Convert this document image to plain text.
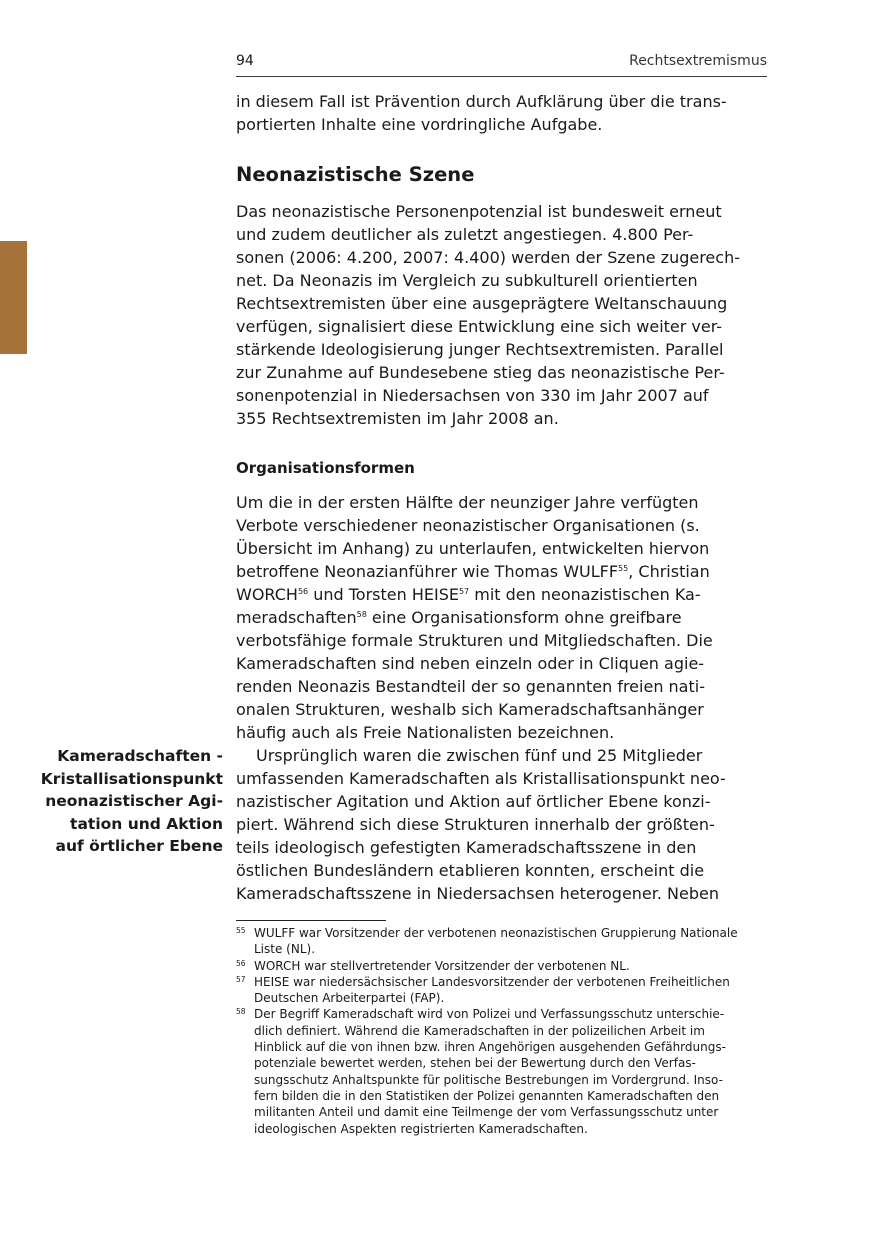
94	Rechtsextremismus

in diesem Fall ist Prävention durch Aufklärung über die trans-
portierten Inhalte eine vordringliche Aufgabe.

Neonazistische Szene

Das neonazistische Personenpotenzial ist bundesweit erneut
und zudem deutlicher als zuletzt angestiegen. 4.800 Per-
sonen (2006: 4.200, 2007: 4.400) werden der Szene zugerech-
net. Da Neonazis im Vergleich zu subkulturell orientierten
Rechtsextremisten über eine ausgeprägtere Weltanschauung
verfügen, signalisiert diese Entwicklung eine sich weiter ver-
stärkende Ideologisierung junger Rechtsextremisten. Parallel
zur Zunahme auf Bundesebene stieg das neonazistische Per-
sonenpotenzial in Niedersachsen von 330 im Jahr 2007 auf
355 Rechtsextremisten im Jahr 2008 an.

Organisationsformen

Um die in der ersten Hälfte der neunziger Jahre verfügten
Verbote verschiedener neonazistischer Organisationen (s.
Übersicht im Anhang) zu unterlaufen, entwickelten hiervon
betroffene Neonazianführer wie Thomas WULFF$^{55}$, Christian
WORCH$^{56}$ und Torsten HEISE$^{57}$ mit den neonazistischen Ka-
meradschaften$^{58}$ eine Organisationsform ohne greifbare
verbotsfähige formale Strukturen und Mitgliedschaften. Die
Kameradschaften sind neben einzeln oder in Cliquen agie-
renden Neonazis Bestandteil der so genannten freien nati-
onalen Strukturen, weshalb sich Kameradschaftsanhänger
häufig auch als Freie Nationalisten bezeichnen.

Ursprünglich waren die zwischen fünf und 25 Mitglieder
umfassenden Kameradschaften als Kristallisationspunkt neo-
nazistischer Agitation und Aktion auf örtlicher Ebene konzi-
piert. Während sich diese Strukturen innerhalb der größten-
teils ideologisch gefestigten Kameradschaftsszene in den
östlichen Bundesländern etablieren konnten, erscheint die
Kameradschaftsszene in Niedersachsen heterogener. Neben

Kameradschaften -
Kristallisationspunkt
neonazistischer Agi-
tation und Aktion
auf örtlicher Ebene
55 WULFF war Vorsitzender der verbotenen neonazistischen Gruppierung Nationale
Liste (NL).
56 WORCH war stellvertretender Vorsitzender der verbotenen NL.
57 HEISE war niedersächsischer Landesvorsitzender der verbotenen Freiheitlichen
Deutschen Arbeiterpartei (FAP).
58 Der Begriff Kameradschaft wird von Polizei und Verfassungsschutz unterschie-
dlich definiert. Während die Kameradschaften in der polizeilichen Arbeit im
Hinblick auf die von ihnen bzw. ihren Angehörigen ausgehenden Gefährdungs-
potenziale bewertet werden, stehen bei der Bewertung durch den Verfas-
sungsschutz Anhaltspunkte für politische Bestrebungen im Vordergrund. Inso-
fern bilden die in den Statistiken der Polizei genannten Kameradschaften den
militanten Anteil und damit eine Teilmenge der vom Verfassungsschutz unter
ideologischen Aspekten registrierten Kameradschaften.
